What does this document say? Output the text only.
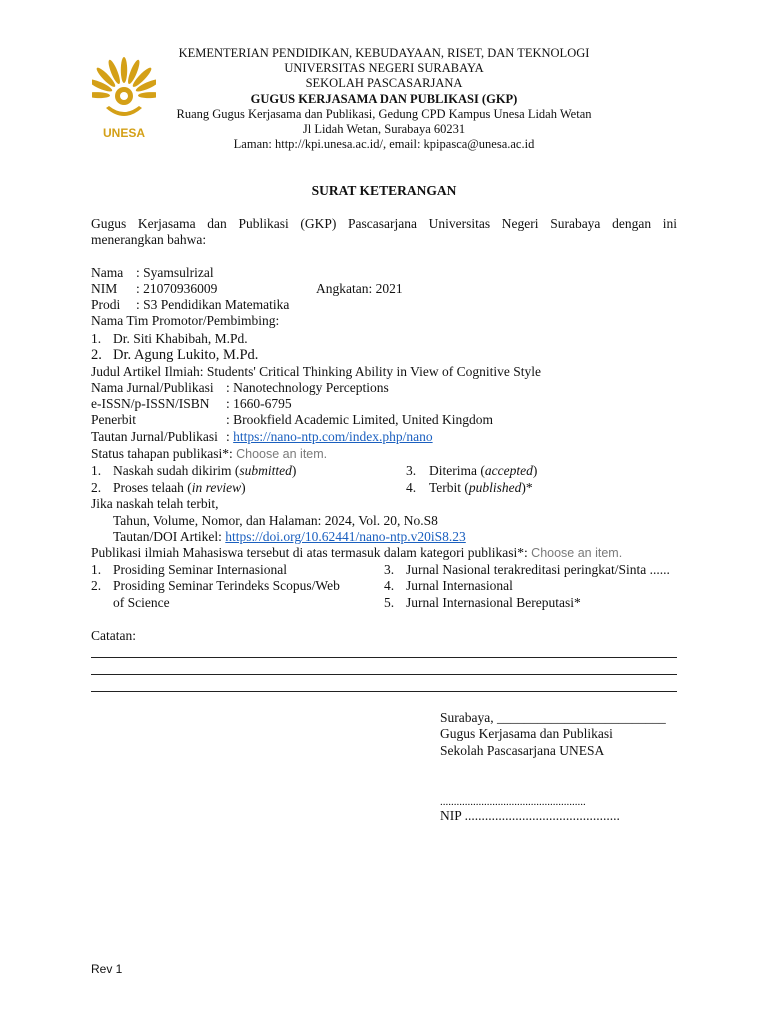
UNESA
KEMENTERIAN PENDIDIKAN, KEBUDAYAAN, RISET, DAN TEKNOLOGI
UNIVERSITAS NEGERI SURABAYA
SEKOLAH PASCASARJANA
GUGUS KERJASAMA DAN PUBLIKASI (GKP)
Ruang Gugus Kerjasama dan Publikasi, Gedung CPD Kampus Unesa Lidah Wetan
Jl Lidah Wetan, Surabaya 60231
Laman: http://kpi.unesa.ac.id/, email: kpipasca@unesa.ac.id
SURAT KETERANGAN
Gugus Kerjasama dan Publikasi (GKP) Pascasarjana Universitas Negeri Surabaya dengan ini
menerangkan bahwa:
Nama : Syamsulrizal
NIM : 21070936009	Angkatan: 2021
Prodi : S3 Pendidikan Matematika
Nama Tim Promotor/Pembimbing:
1. Dr. Siti Khabibah, M.Pd.
2. Dr. Agung Lukito, M.Pd.
Judul Artikel Ilmiah: Students' Critical Thinking Ability in View of Cognitive Style
Nama Jurnal/Publikasi : Nanotechnology Perceptions
e-ISSN/p-ISSN/ISBN : 1660-6795
Penerbit	: Brookfield Academic Limited, United Kingdom
Tautan Jurnal/Publikasi : https://nano-ntp.com/index.php/nano
Status tahapan publikasi*: Choose an item.
1. Naskah sudah dikirim (submitted)
2. Proses telaah (in review)
3. Diterima (accepted)
4. Terbit (published)*
Jika naskah telah terbit,
Tahun, Volume, Nomor, dan Halaman: 2024, Vol. 20, No.S8
Tautan/DOI Artikel: https://doi.org/10.62441/nano-ntp.v20iS8.23
Publikasi ilmiah Mahasiswa tersebut di atas termasuk dalam kategori publikasi*: Choose an item.
1. Prosiding Seminar Internasional
2. Prosiding Seminar Terindeks Scopus/Web
of Science
3. Jurnal Nasional terakreditasi peringkat/Sinta ......
4. Jurnal Internasional
5. Jurnal Internasional Bereputasi*
Catatan:
Surabaya, _________________________
Gugus Kerjasama dan Publikasi
Sekolah Pascasarjana UNESA
.....................................................
NIP ..............................................
Rev 1
